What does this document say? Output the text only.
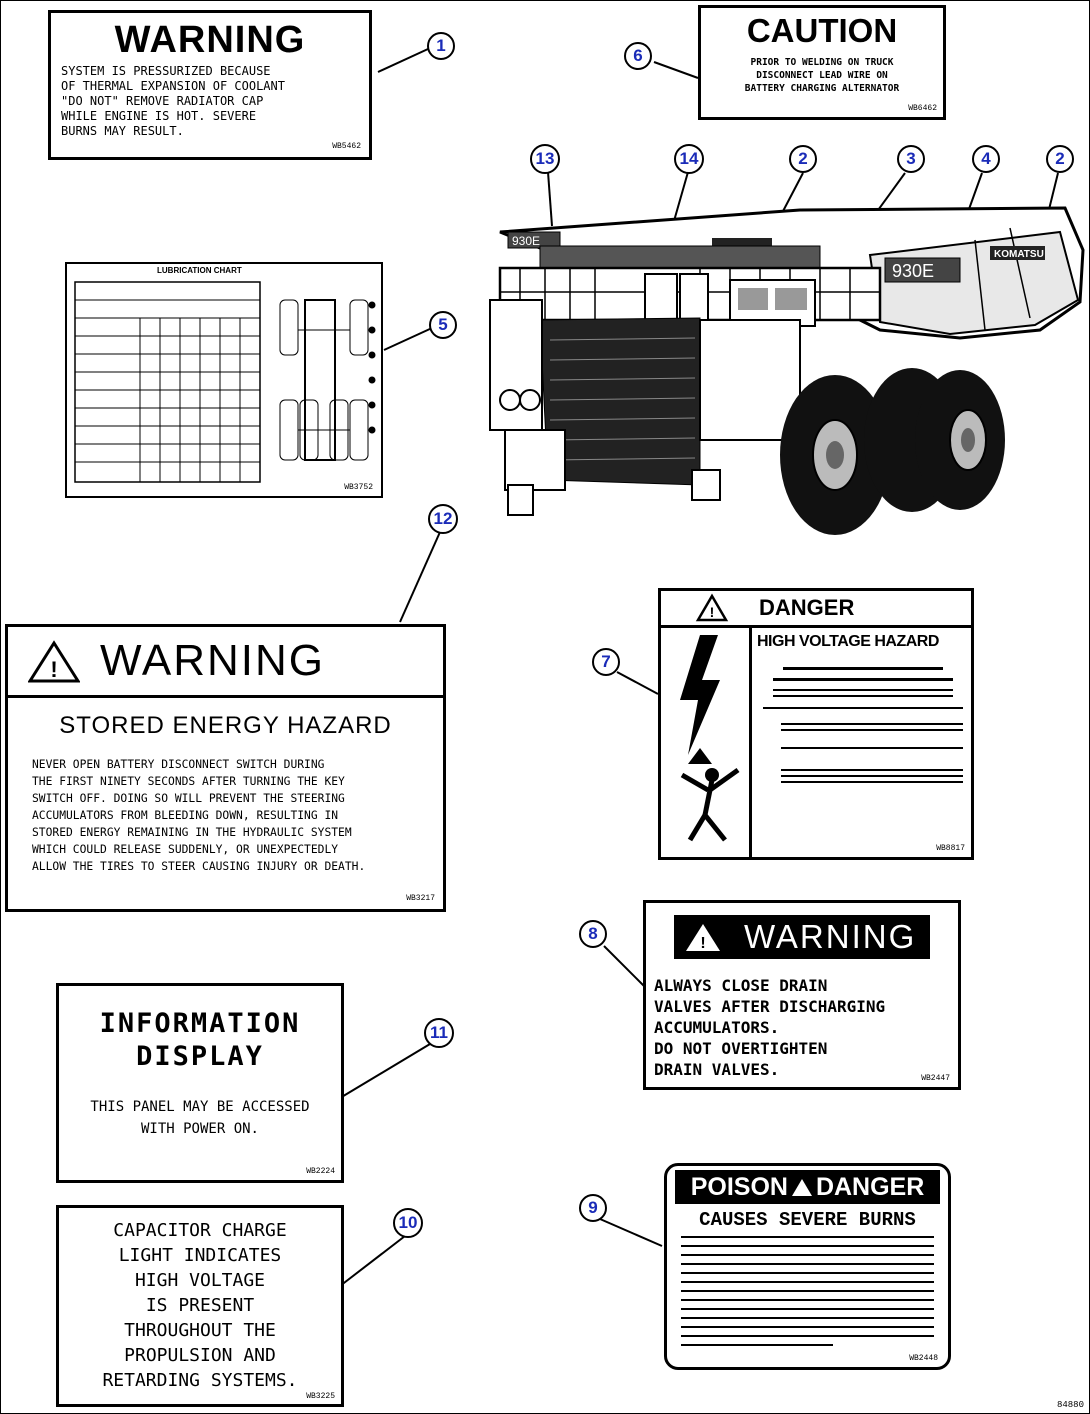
930E
KOMATSU
930E
WARNING
SYSTEM IS PRESSURIZED BECAUSE
OF THERMAL EXPANSION OF COOLANT
"DO NOT" REMOVE RADIATOR CAP
WHILE ENGINE IS HOT. SEVERE
BURNS MAY RESULT.
WB5462
CAUTION
PRIOR TO WELDING ON TRUCK
DISCONNECT LEAD WIRE ON
BATTERY CHARGING ALTERNATOR
WB6462
LUBRICATION CHART
WB3752
! WARNING
STORED ENERGY HAZARD
NEVER OPEN BATTERY DISCONNECT SWITCH DURING
THE FIRST NINETY SECONDS AFTER TURNING THE KEY
SWITCH OFF. DOING SO WILL PREVENT THE STEERING
ACCUMULATORS FROM BLEEDING DOWN, RESULTING IN
STORED ENERGY REMAINING IN THE HYDRAULIC SYSTEM
WHICH COULD RELEASE SUDDENLY, OR UNEXPECTEDLY
ALLOW THE TIRES TO STEER CAUSING INJURY OR DEATH.
WB3217
! DANGER
HIGH VOLTAGE HAZARD
WB8817
! WARNING
ALWAYS CLOSE DRAIN
VALVES AFTER DISCHARGING
ACCUMULATORS.
DO NOT OVERTIGHTEN
DRAIN VALVES.	WB2447
INFORMATION
DISPLAY
THIS PANEL MAY BE ACCESSED
WITH POWER ON.
WB2224
CAPACITOR CHARGE
LIGHT INDICATES
HIGH VOLTAGE
IS PRESENT
THROUGHOUT THE
PROPULSION AND
RETARDING SYSTEMS.
WB3225
POISON DANGER
CAUSES SEVERE BURNS
WB2448
1
6
13	14	2	3	4	2
5
12
7
8
11
10
9
84880
